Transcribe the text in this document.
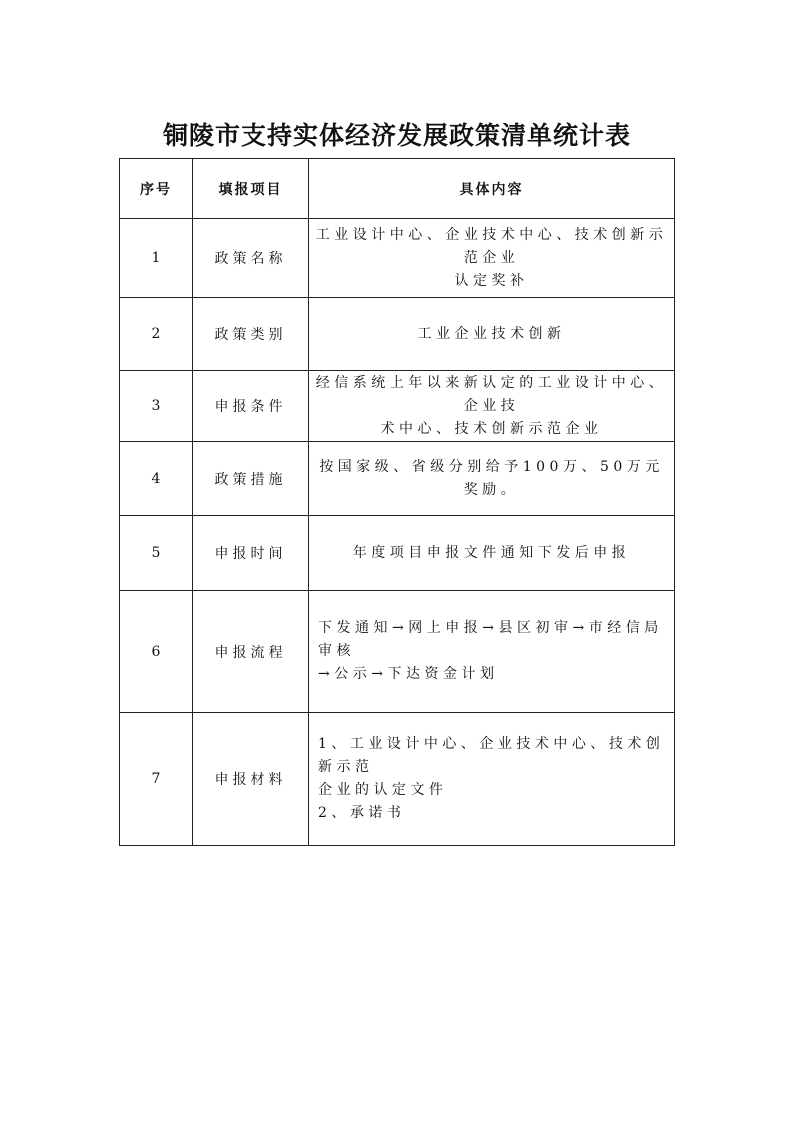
铜陵市支持实体经济发展政策清单统计表
序号	填报项目	具体内容
1	政策名称	工业设计中心、企业技术中心、技术创新示范企业
认定奖补

2	政策类别	工业企业技术创新

3	申报条件	经信系统上年以来新认定的工业设计中心、企业技
术中心、技术创新示范企业

4	政策措施	按国家级、省级分别给予100万、50万元奖励。

5	申报时间	年度项目申报文件通知下发后申报

6	申报流程	下发通知→网上申报→县区初审→市经信局审核
→公示→下达资金计划

7	申报材料	1、工业设计中心、企业技术中心、技术创新示范
企业的认定文件
2、承诺书
